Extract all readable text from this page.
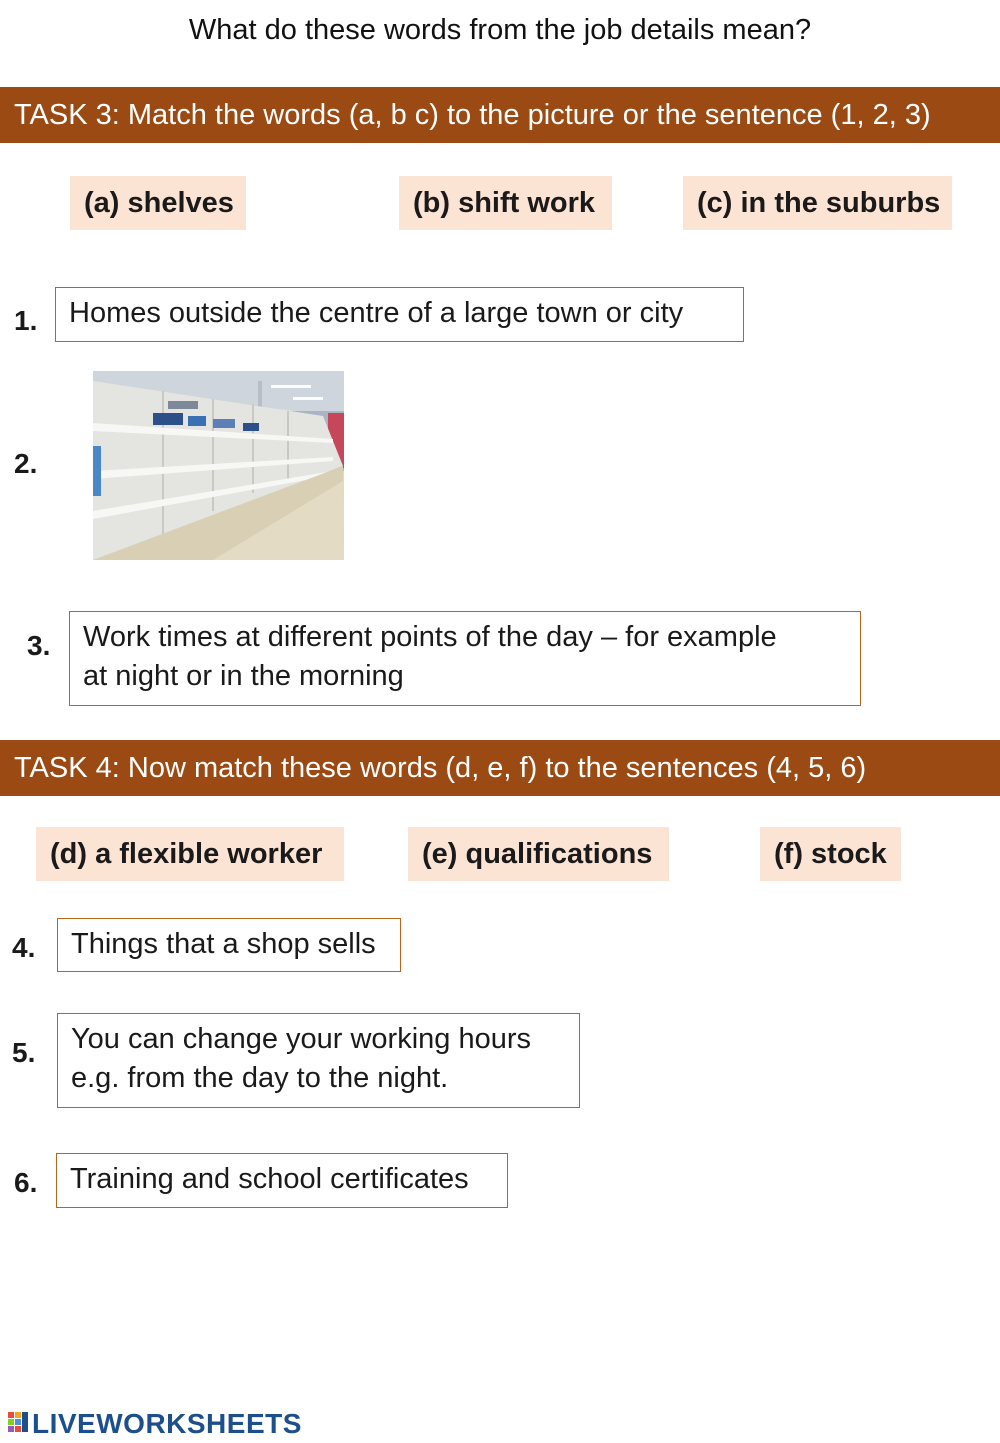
What do these words from the job details mean?
TASK 3: Match the words (a, b c) to the picture or the sentence (1, 2, 3)
(a) shelves	(b) shift work	(c) in the suburbs
1.	Homes outside the centre of a large town or city
2.
3. Work times at different points of the day – for example
at night or in the morning
TASK 4: Now match these words (d, e, f) to the sentences (4, 5, 6)
(d) a flexible worker	(e) qualifications	(f) stock
4.	Things that a shop sells
5. You can change your working hours
e.g. from the day to the night.
6.	Training and school certificates
LIVEWORKSHEETS
